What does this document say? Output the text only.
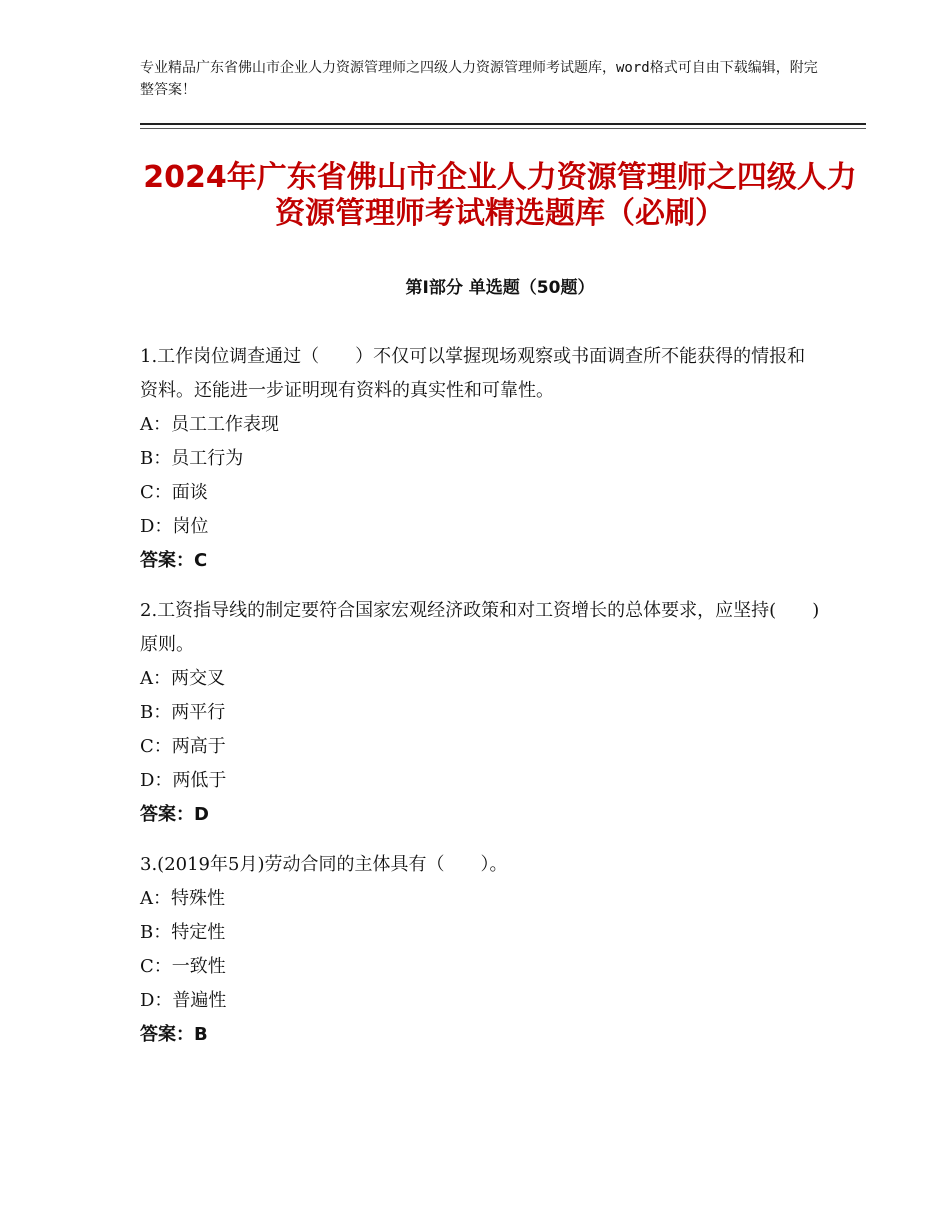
专业精品广东省佛山市企业人力资源管理师之四级人力资源管理师考试题库，word格式可自由下载编辑，附完整答案！
2024年广东省佛山市企业人力资源管理师之四级人力资源管理师考试精选题库（必刷）
第Ⅰ部分 单选题（50题）
1.工作岗位调查通过（　　）不仅可以掌握现场观察或书面调查所不能获得的情报和资料。还能进一步证明现有资料的真实性和可靠性。
A：员工工作表现
B：员工行为
C：面谈
D：岗位
答案：C
2.工资指导线的制定要符合国家宏观经济政策和对工资增长的总体要求，应坚持(　　)原则。
A：两交叉
B：两平行
C：两高于
D：两低于
答案：D
3.(2019年5月)劳动合同的主体具有（　　）。
A：特殊性
B：特定性
C：一致性
D：普遍性
答案：B
